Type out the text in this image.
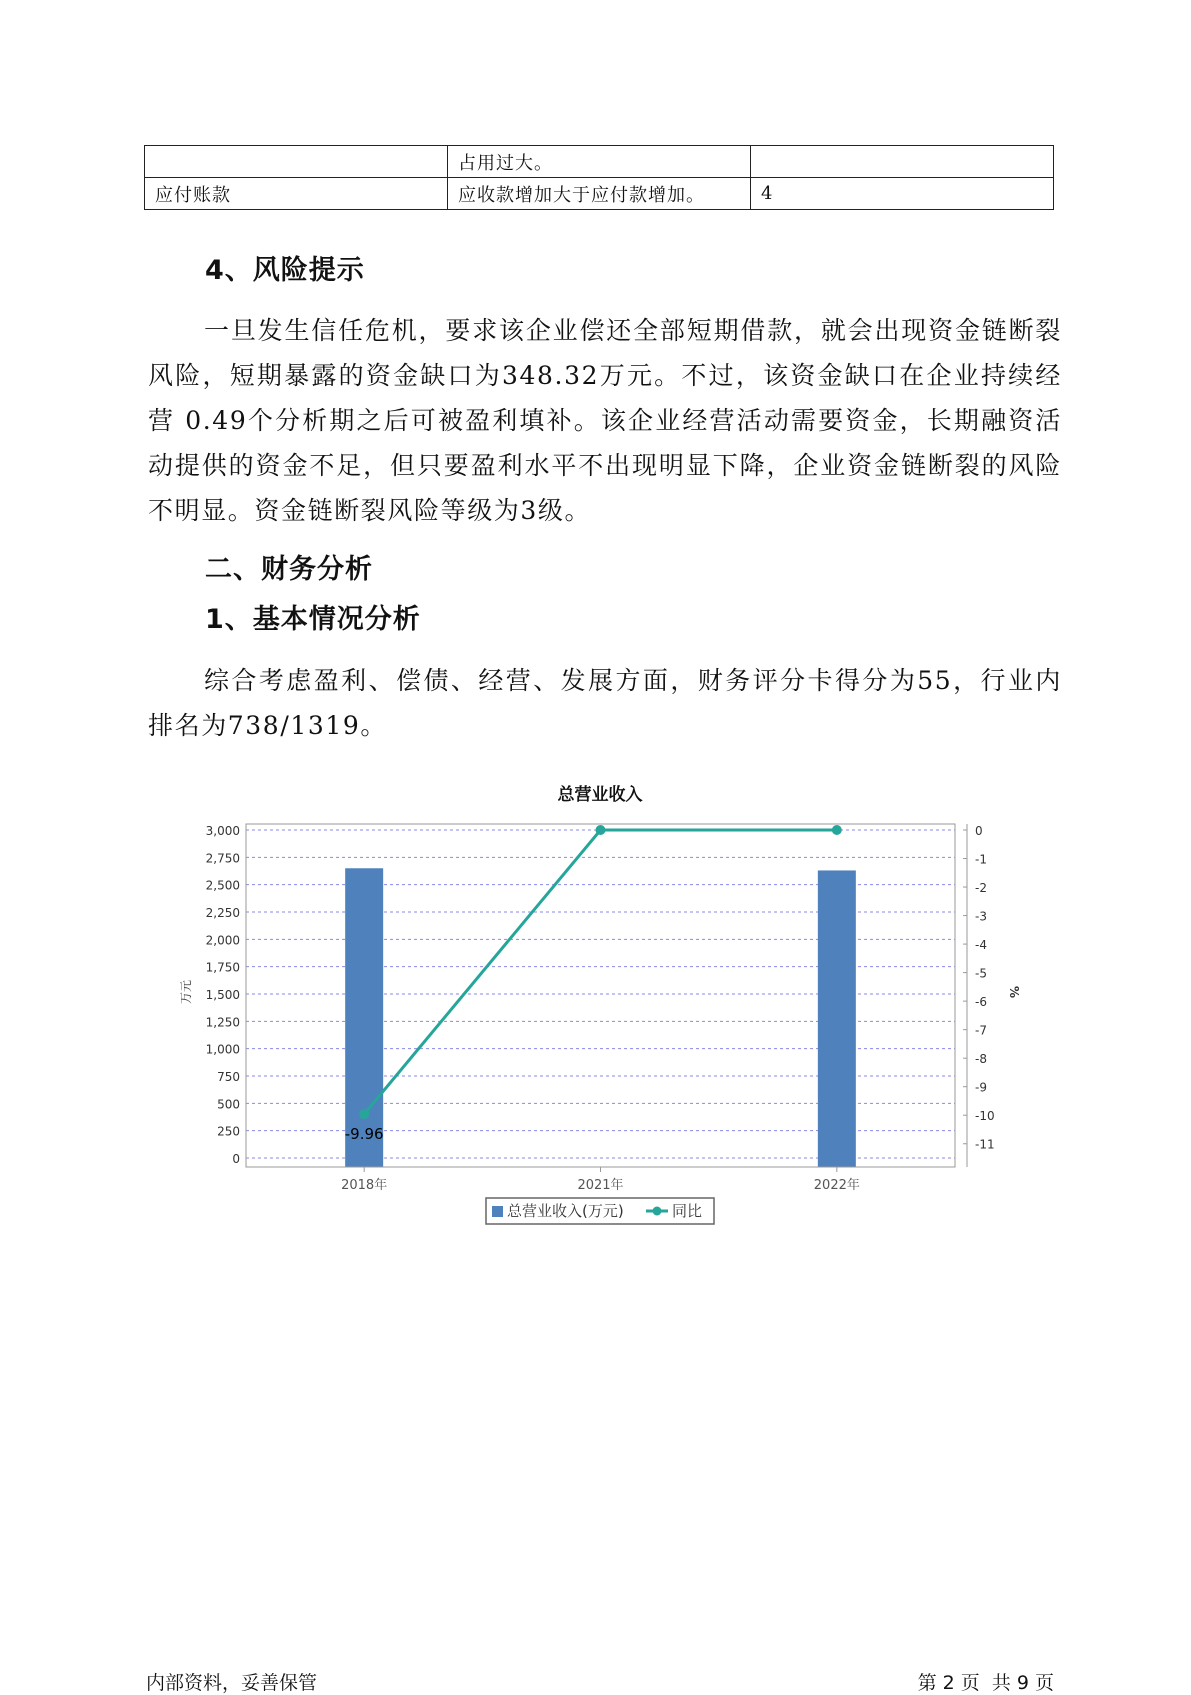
	占用过大。	
应付账款	应收款增加大于应付款增加。	4
4、风险提示

一旦发生信任危机，要求该企业偿还全部短期借款，就会出现资金链断裂风险，短期暴露的资金缺口为348.32万元。不过，该资金缺口在企业持续经营 0.49个分析期之后可被盈利填补。该企业经营活动需要资金，长期融资活动提供的资金不足，但只要盈利水平不出现明显下降，企业资金链断裂的风险不明显。资金链断裂风险等级为3级。

二、财务分析
1、基本情况分析

综合考虑盈利、偿债、经营、发展方面，财务评分卡得分为55，行业内排名为738/1319。

总营业收入
-9.96
0
250
500
750
1,000
1,250
1,500
1,750
2,000
2,250
2,500
2,750
3,000	0
-1
-2
-3
-4
-5
-6
-7
-8
-9
-10
-11
万元	%
2018年	2021年	2022年
总营业收入(万元)	同比
内部资料，妥善保管	第 2 页  共 9 页
